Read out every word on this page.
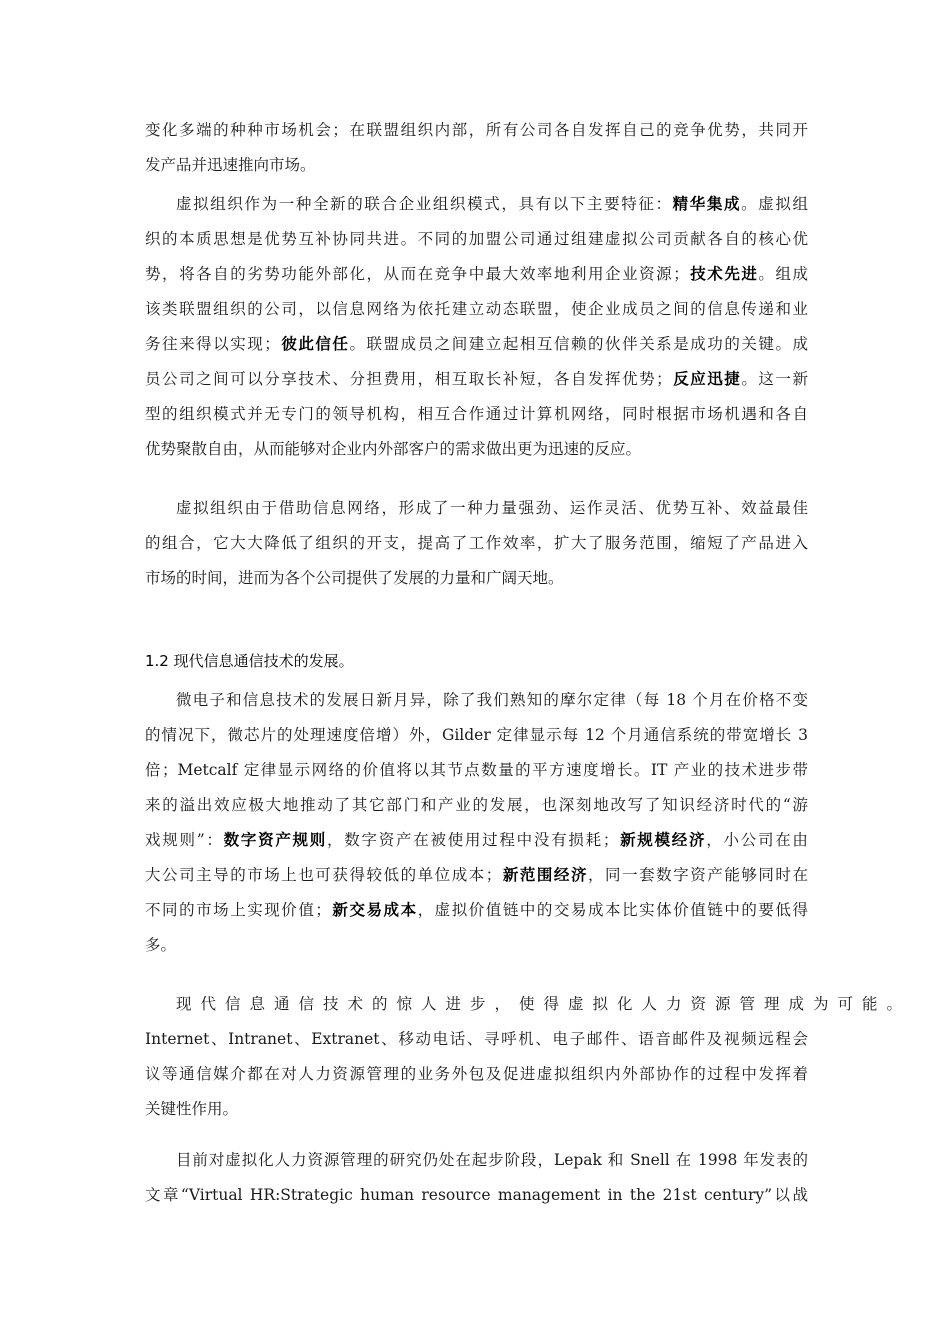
变化多端的种种市场机会；在联盟组织内部，所有公司各自发挥自己的竞争优势，共同开
发产品并迅速推向市场。
虚拟组织作为一种全新的联合企业组织模式，具有以下主要特征：精华集成。虚拟组
织的本质思想是优势互补协同共进。不同的加盟公司通过组建虚拟公司贡献各自的核心优
势，将各自的劣势功能外部化，从而在竞争中最大效率地利用企业资源；技术先进。组成
该类联盟组织的公司，以信息网络为依托建立动态联盟，使企业成员之间的信息传递和业
务往来得以实现；彼此信任。联盟成员之间建立起相互信赖的伙伴关系是成功的关键。成
员公司之间可以分享技术、分担费用，相互取长补短，各自发挥优势；反应迅捷。这一新
型的组织模式并无专门的领导机构，相互合作通过计算机网络，同时根据市场机遇和各自
优势聚散自由，从而能够对企业内外部客户的需求做出更为迅速的反应。
虚拟组织由于借助信息网络，形成了一种力量强劲、运作灵活、优势互补、效益最佳
的组合，它大大降低了组织的开支，提高了工作效率，扩大了服务范围，缩短了产品进入
市场的时间，进而为各个公司提供了发展的力量和广阔天地。
1.2 现代信息通信技术的发展。
微电子和信息技术的发展日新月异，除了我们熟知的摩尔定律（每 18 个月在价格不变
的情况下，微芯片的处理速度倍增）外，Gilder 定律显示每 12 个月通信系统的带宽增长 3
倍；Metcalf 定律显示网络的价值将以其节点数量的平方速度增长。IT 产业的技术进步带
来的溢出效应极大地推动了其它部门和产业的发展，也深刻地改写了知识经济时代的“游
戏规则”：数字资产规则，数字资产在被使用过程中没有损耗；新规模经济，小公司在由
大公司主导的市场上也可获得较低的单位成本；新范围经济，同一套数字资产能够同时在
不同的市场上实现价值；新交易成本，虚拟价值链中的交易成本比实体价值链中的要低得
多。
现代信息通信技术的惊人进步，使得虚拟化人力资源管理成为可能。
Internet、Intranet、Extranet、移动电话、寻呼机、电子邮件、语音邮件及视频远程会
议等通信媒介都在对人力资源管理的业务外包及促进虚拟组织内外部协作的过程中发挥着
关键性作用。
目前对虚拟化人力资源管理的研究仍处在起步阶段，Lepak 和 Snell 在 1998 年发表的
文章“Virtual HR:Strategic human resource management in the 21st century”以战
